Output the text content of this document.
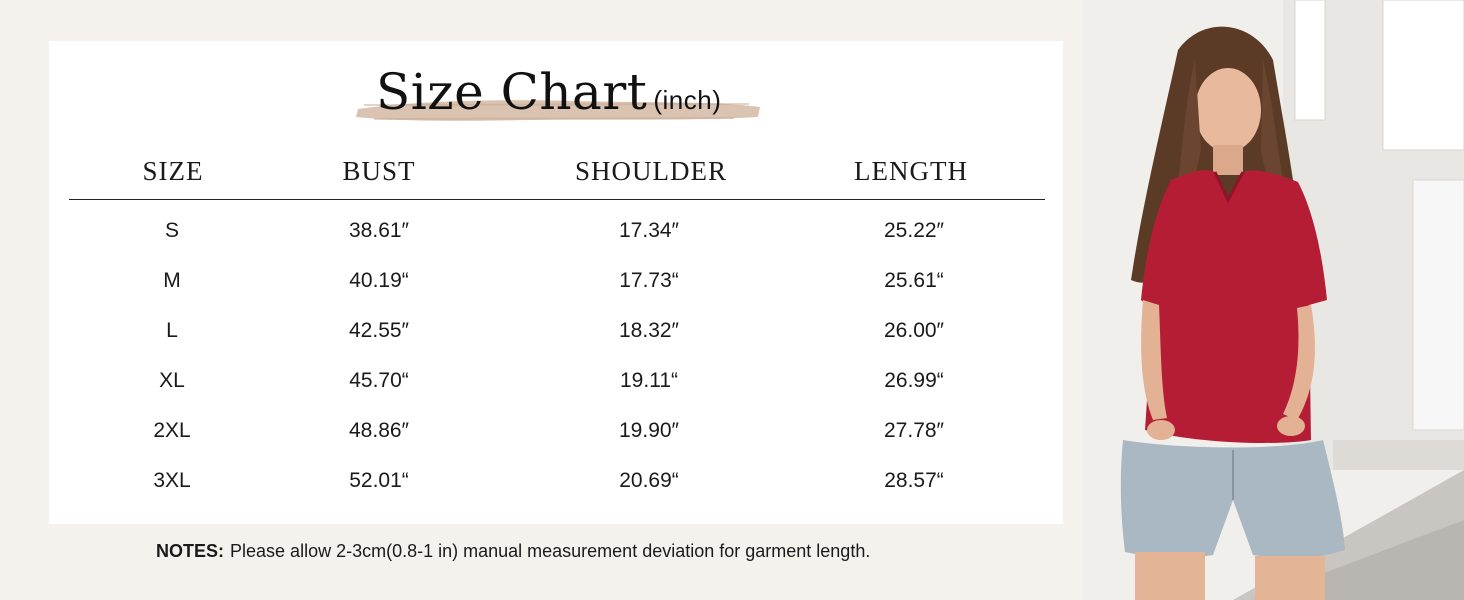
Size Chart (inch)
SIZE	BUST	SHOULDER	LENGTH
S	38.61″	17.34″	25.22″
M	40.19“	17.73“	25.61“
L	42.55″	18.32″	26.00″
XL	45.70“	19.11“	26.99“
2XL	48.86″	19.90″	27.78″
3XL	52.01“	20.69“	28.57“
NOTES: Please allow 2-3cm(0.8-1 in) manual measurement deviation for garment length.
